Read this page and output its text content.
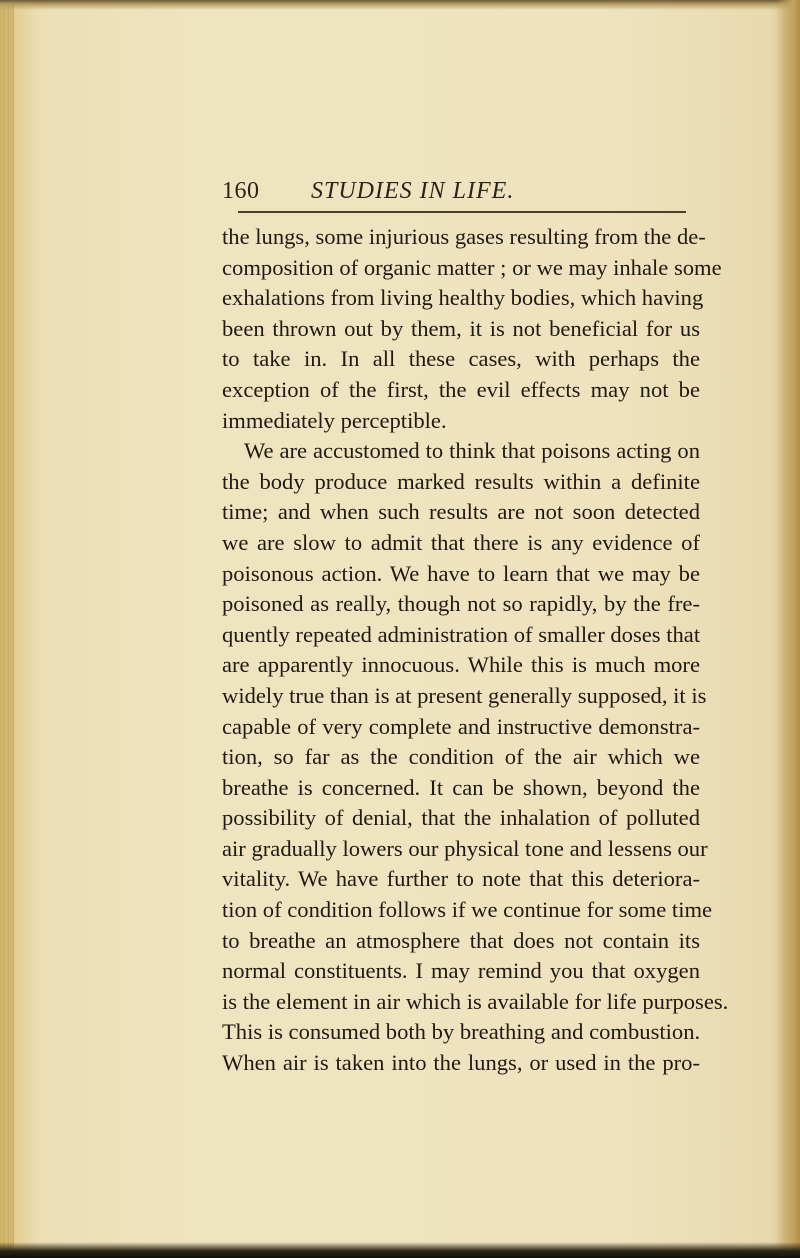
160 STUDIES IN LIFE.
the lungs, some injurious gases resulting from the de-
composition of organic matter ; or we may inhale some
exhalations from living healthy bodies, which having
been thrown out by them, it is not beneficial for us
to take in. In all these cases, with perhaps the
exception of the first, the evil effects may not be
immediately perceptible.
We are accustomed to think that poisons acting on
the body produce marked results within a definite
time; and when such results are not soon detected
we are slow to admit that there is any evidence of
poisonous action. We have to learn that we may be
poisoned as really, though not so rapidly, by the fre-
quently repeated administration of smaller doses that
are apparently innocuous. While this is much more
widely true than is at present generally supposed, it is
capable of very complete and instructive demonstra-
tion, so far as the condition of the air which we
breathe is concerned. It can be shown, beyond the
possibility of denial, that the inhalation of polluted
air gradually lowers our physical tone and lessens our
vitality. We have further to note that this deteriora-
tion of condition follows if we continue for some time
to breathe an atmosphere that does not contain its
normal constituents. I may remind you that oxygen
is the element in air which is available for life purposes.
This is consumed both by breathing and combustion.
When air is taken into the lungs, or used in the pro-
